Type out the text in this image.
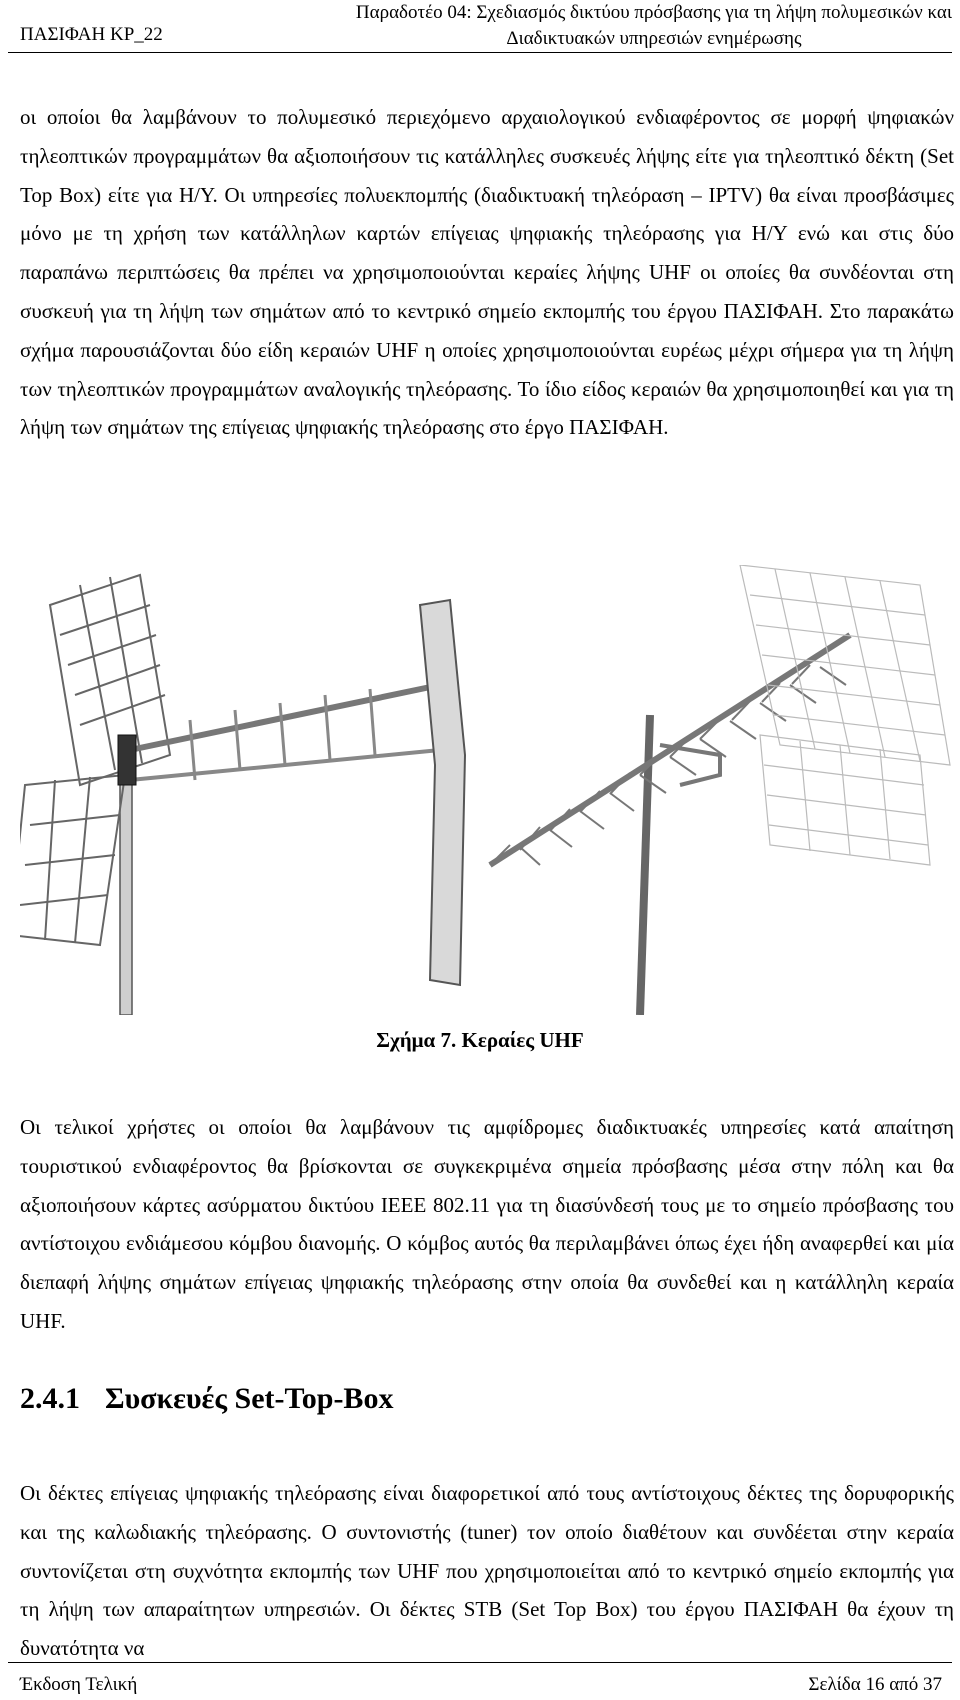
ΠΑΣΙΦΑΗ ΚΡ_22
Παραδοτέο 04: Σχεδιασμός δικτύου πρόσβασης για τη λήψη πολυμεσικών και
Διαδικτυακών υπηρεσιών ενημέρωσης

οι οποίοι θα λαμβάνουν το πολυμεσικό περιεχόμενο αρχαιολογικού ενδιαφέροντος σε μορφή ψηφιακών τηλεοπτικών προγραμμάτων θα αξιοποιήσουν τις κατάλληλες συσκευές λήψης είτε για τηλεοπτικό δέκτη (Set Top Box) είτε για Η/Υ. Οι υπηρεσίες πολυεκπομπής (διαδικτυακή τηλεόραση – IPTV) θα είναι προσβάσιμες μόνο με τη χρήση των κατάλληλων καρτών επίγειας ψηφιακής τηλεόρασης για Η/Υ ενώ και στις δύο παραπάνω περιπτώσεις θα πρέπει να χρησιμοποιούνται κεραίες λήψης UHF οι οποίες θα συνδέονται στη συσκευή για τη λήψη των σημάτων από το κεντρικό σημείο εκπομπής του έργου ΠΑΣΙΦΑΗ. Στο παρακάτω σχήμα παρουσιάζονται δύο είδη κεραιών UHF η οποίες χρησιμοποιούνται ευρέως μέχρι σήμερα για τη λήψη των τηλεοπτικών προγραμμάτων αναλογικής τηλεόρασης. Το ίδιο είδος κεραιών θα χρησιμοποιηθεί και για τη λήψη των σημάτων της επίγειας ψηφιακής τηλεόρασης στο έργο ΠΑΣΙΦΑΗ.

Σχήμα 7. Κεραίες UHF

Οι τελικοί χρήστες οι οποίοι θα λαμβάνουν τις αμφίδρομες διαδικτυακές υπηρεσίες κατά απαίτηση τουριστικού ενδιαφέροντος θα βρίσκονται σε συγκεκριμένα σημεία πρόσβασης μέσα στην πόλη και θα αξιοποιήσουν κάρτες ασύρματου δικτύου IEEE 802.11 για τη διασύνδεσή τους με το σημείο πρόσβασης του αντίστοιχου ενδιάμεσου κόμβου διανομής. Ο κόμβος αυτός θα περιλαμβάνει όπως έχει ήδη αναφερθεί και μία διεπαφή λήψης σημάτων επίγειας ψηφιακής τηλεόρασης στην οποία θα συνδεθεί και η κατάλληλη κεραία UHF.

2.4.1 Συσκευές Set-Top-Box

Οι δέκτες επίγειας ψηφιακής τηλεόρασης είναι διαφορετικοί από τους αντίστοιχους δέκτες της δορυφορικής και της καλωδιακής τηλεόρασης. Ο συντονιστής (tuner) τον οποίο διαθέτουν και συνδέεται στην κεραία συντονίζεται στη συχνότητα εκπομπής των UHF που χρησιμοποιείται από το κεντρικό σημείο εκπομπής για τη λήψη των απαραίτητων υπηρεσιών. Οι δέκτες STB (Set Top Box) του έργου ΠΑΣΙΦΑΗ θα έχουν τη δυνατότητα να

Έκδοση Τελική	Σελίδα 16 από 37
